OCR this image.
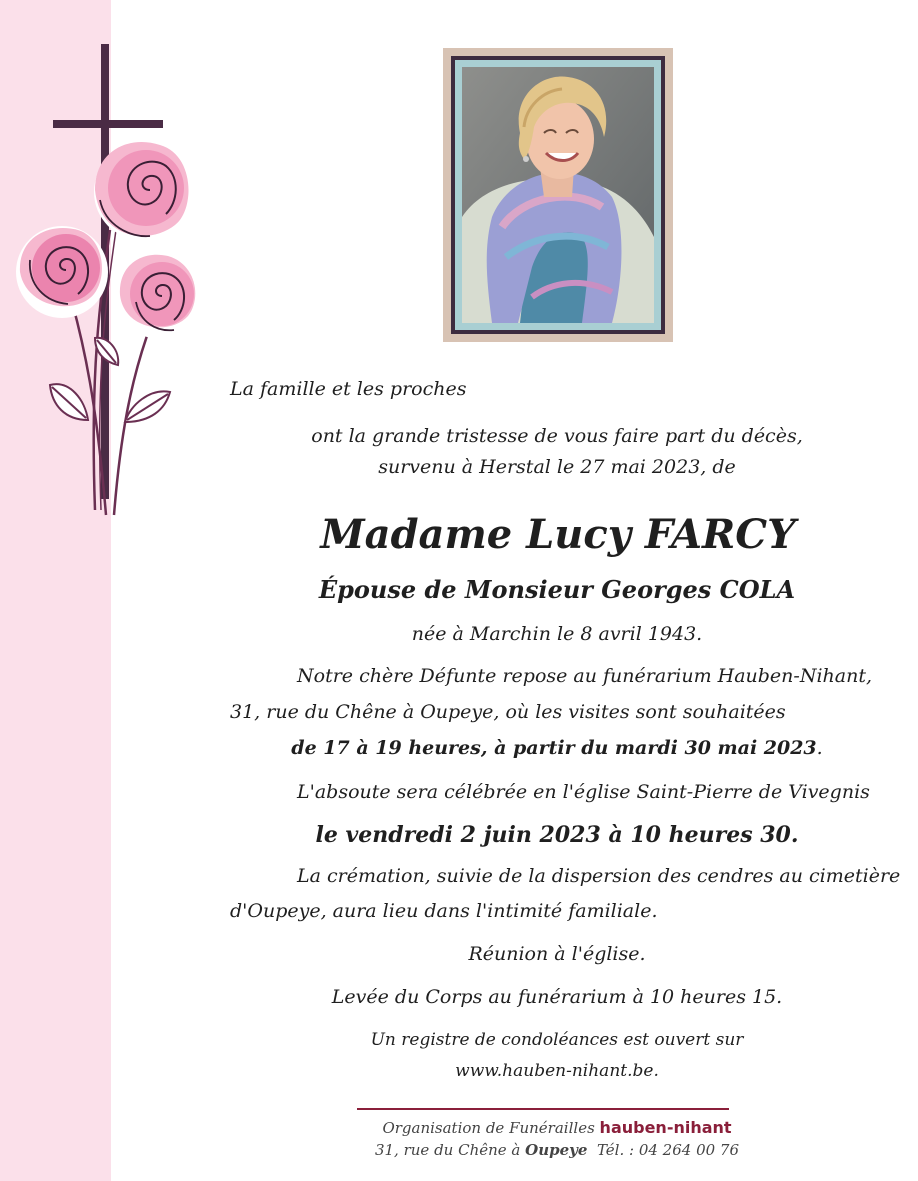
La famille et les proches
ont la grande tristesse de vous faire part du décès,
survenu à Herstal le 27 mai 2023, de
Madame Lucy FARCY
Épouse de Monsieur Georges COLA
née à Marchin le 8 avril 1943.
Notre chère Défunte repose au funérarium Hauben-Nihant,
31, rue du Chêne à Oupeye, où les visites sont souhaitées
de 17 à 19 heures, à partir du mardi 30 mai 2023.
L'absoute sera célébrée en l'église Saint-Pierre de Vivegnis
le vendredi 2 juin 2023 à 10 heures 30.
La crémation, suivie de la dispersion des cendres au cimetière
d'Oupeye, aura lieu dans l'intimité familiale.
Réunion à l'église.
Levée du Corps au funérarium à 10 heures 15.
Un registre de condoléances est ouvert sur
www.hauben-nihant.be.
Organisation de Funérailles hauben-nihant
31, rue du Chêne à Oupeye Tél. : 04 264 00 76
